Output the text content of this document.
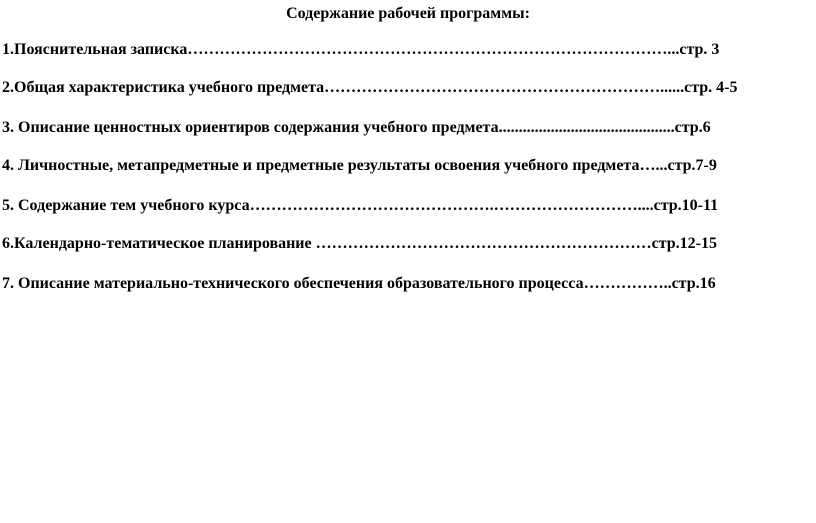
Содержание рабочей программы:
1.Пояснительная записка………………………………………………………………………………...стр. 3
2.Общая характеристика учебного предмета………………………………………………………......стр. 4-5
3. Описание ценностных ориентиров содержания учебного предмета............................................стр.6
4. Личностные, метапредметные и предметные результаты освоения учебного предмета…...стр.7-9
5. Содержание тем учебного курса……………………………………….………………………....стр.10-11
6.Календарно-тематическое планирование ………………………………………………………стр.12-15
7. Описание материально-технического обеспечения образовательного процесса……………..стр.16
